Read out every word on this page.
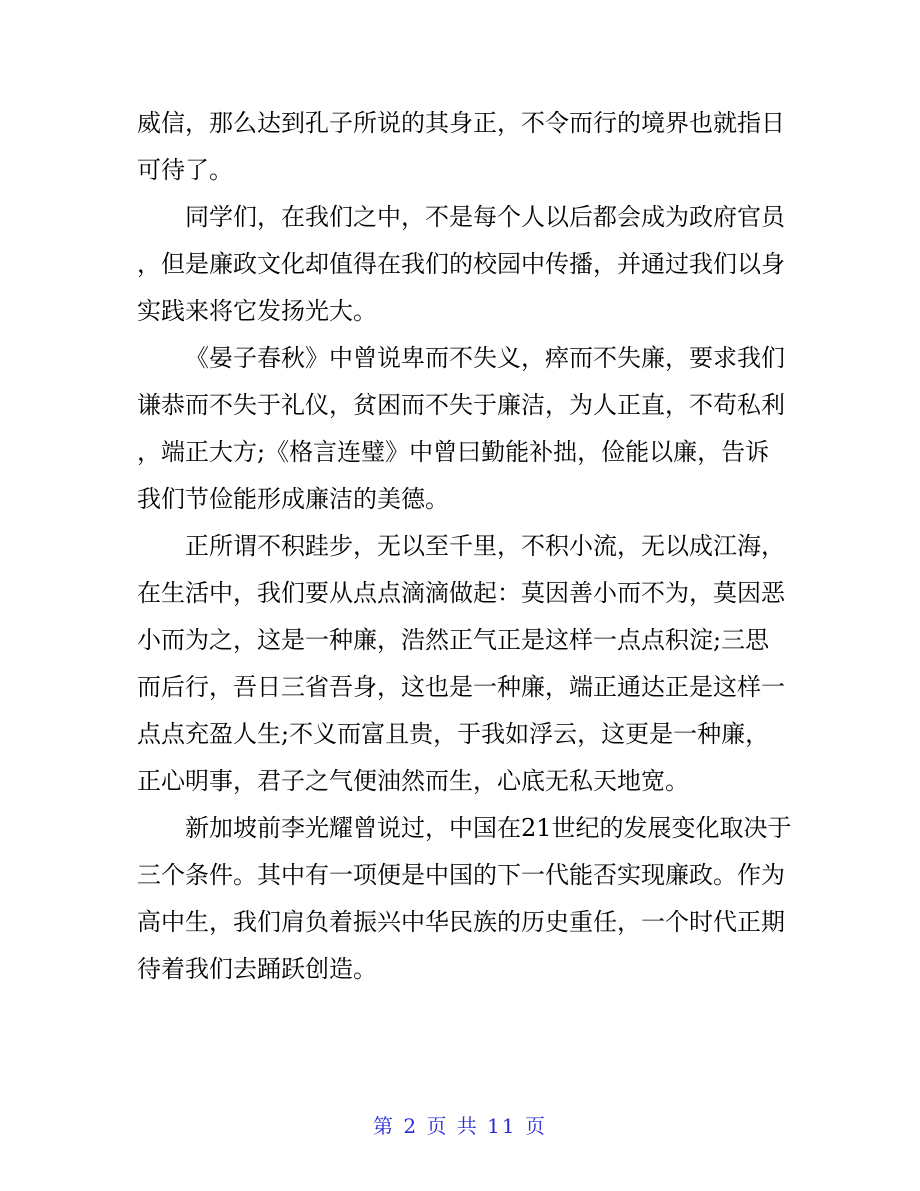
威信，那么达到孔子所说的其身正，不令而行的境界也就指日
可待了。
同学们，在我们之中，不是每个人以后都会成为政府官员
，但是廉政文化却值得在我们的校园中传播，并通过我们以身
实践来将它发扬光大。
《晏子春秋》中曾说卑而不失义，瘁而不失廉，要求我们
谦恭而不失于礼仪，贫困而不失于廉洁，为人正直，不苟私利
，端正大方;《格言连璧》中曾曰勤能补拙，俭能以廉，告诉
我们节俭能形成廉洁的美德。
正所谓不积跬步，无以至千里，不积小流，无以成江海，
在生活中，我们要从点点滴滴做起：莫因善小而不为，莫因恶
小而为之，这是一种廉，浩然正气正是这样一点点积淀;三思
而后行，吾日三省吾身，这也是一种廉，端正通达正是这样一
点点充盈人生;不义而富且贵，于我如浮云，这更是一种廉，
正心明事，君子之气便油然而生，心底无私天地宽。
新加坡前李光耀曾说过，中国在21世纪的发展变化取决于
三个条件。其中有一项便是中国的下一代能否实现廉政。作为
高中生，我们肩负着振兴中华民族的历史重任，一个时代正期
待着我们去踊跃创造。
第 2 页 共 11 页
